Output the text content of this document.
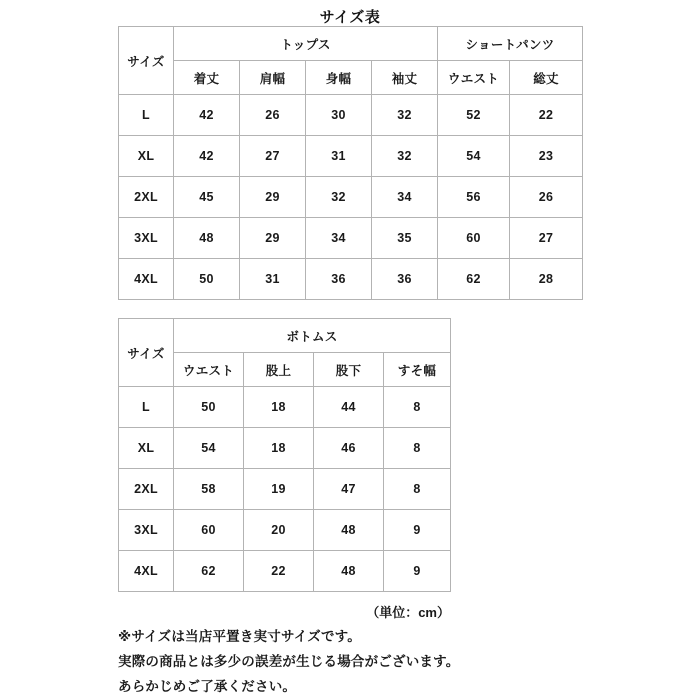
サイズ表
サイズ	トップス				ショートパンツ	
	着丈	肩幅	身幅	袖丈	ウエスト	総丈
L	42	26	30	32	52	22
XL	42	27	31	32	54	23
2XL	45	29	32	34	56	26
3XL	48	29	34	35	60	27
4XL	50	31	36	36	62	28
サイズ	ボトムス			
	ウエスト	股上	股下	すそ幅
L	50	18	44	8
XL	54	18	46	8
2XL	58	19	47	8
3XL	60	20	48	9
4XL	62	22	48	9
（単位：cm）
※サイズは当店平置き実寸サイズです。
実際の商品とは多少の誤差が生じる場合がございます。
あらかじめご了承ください。
